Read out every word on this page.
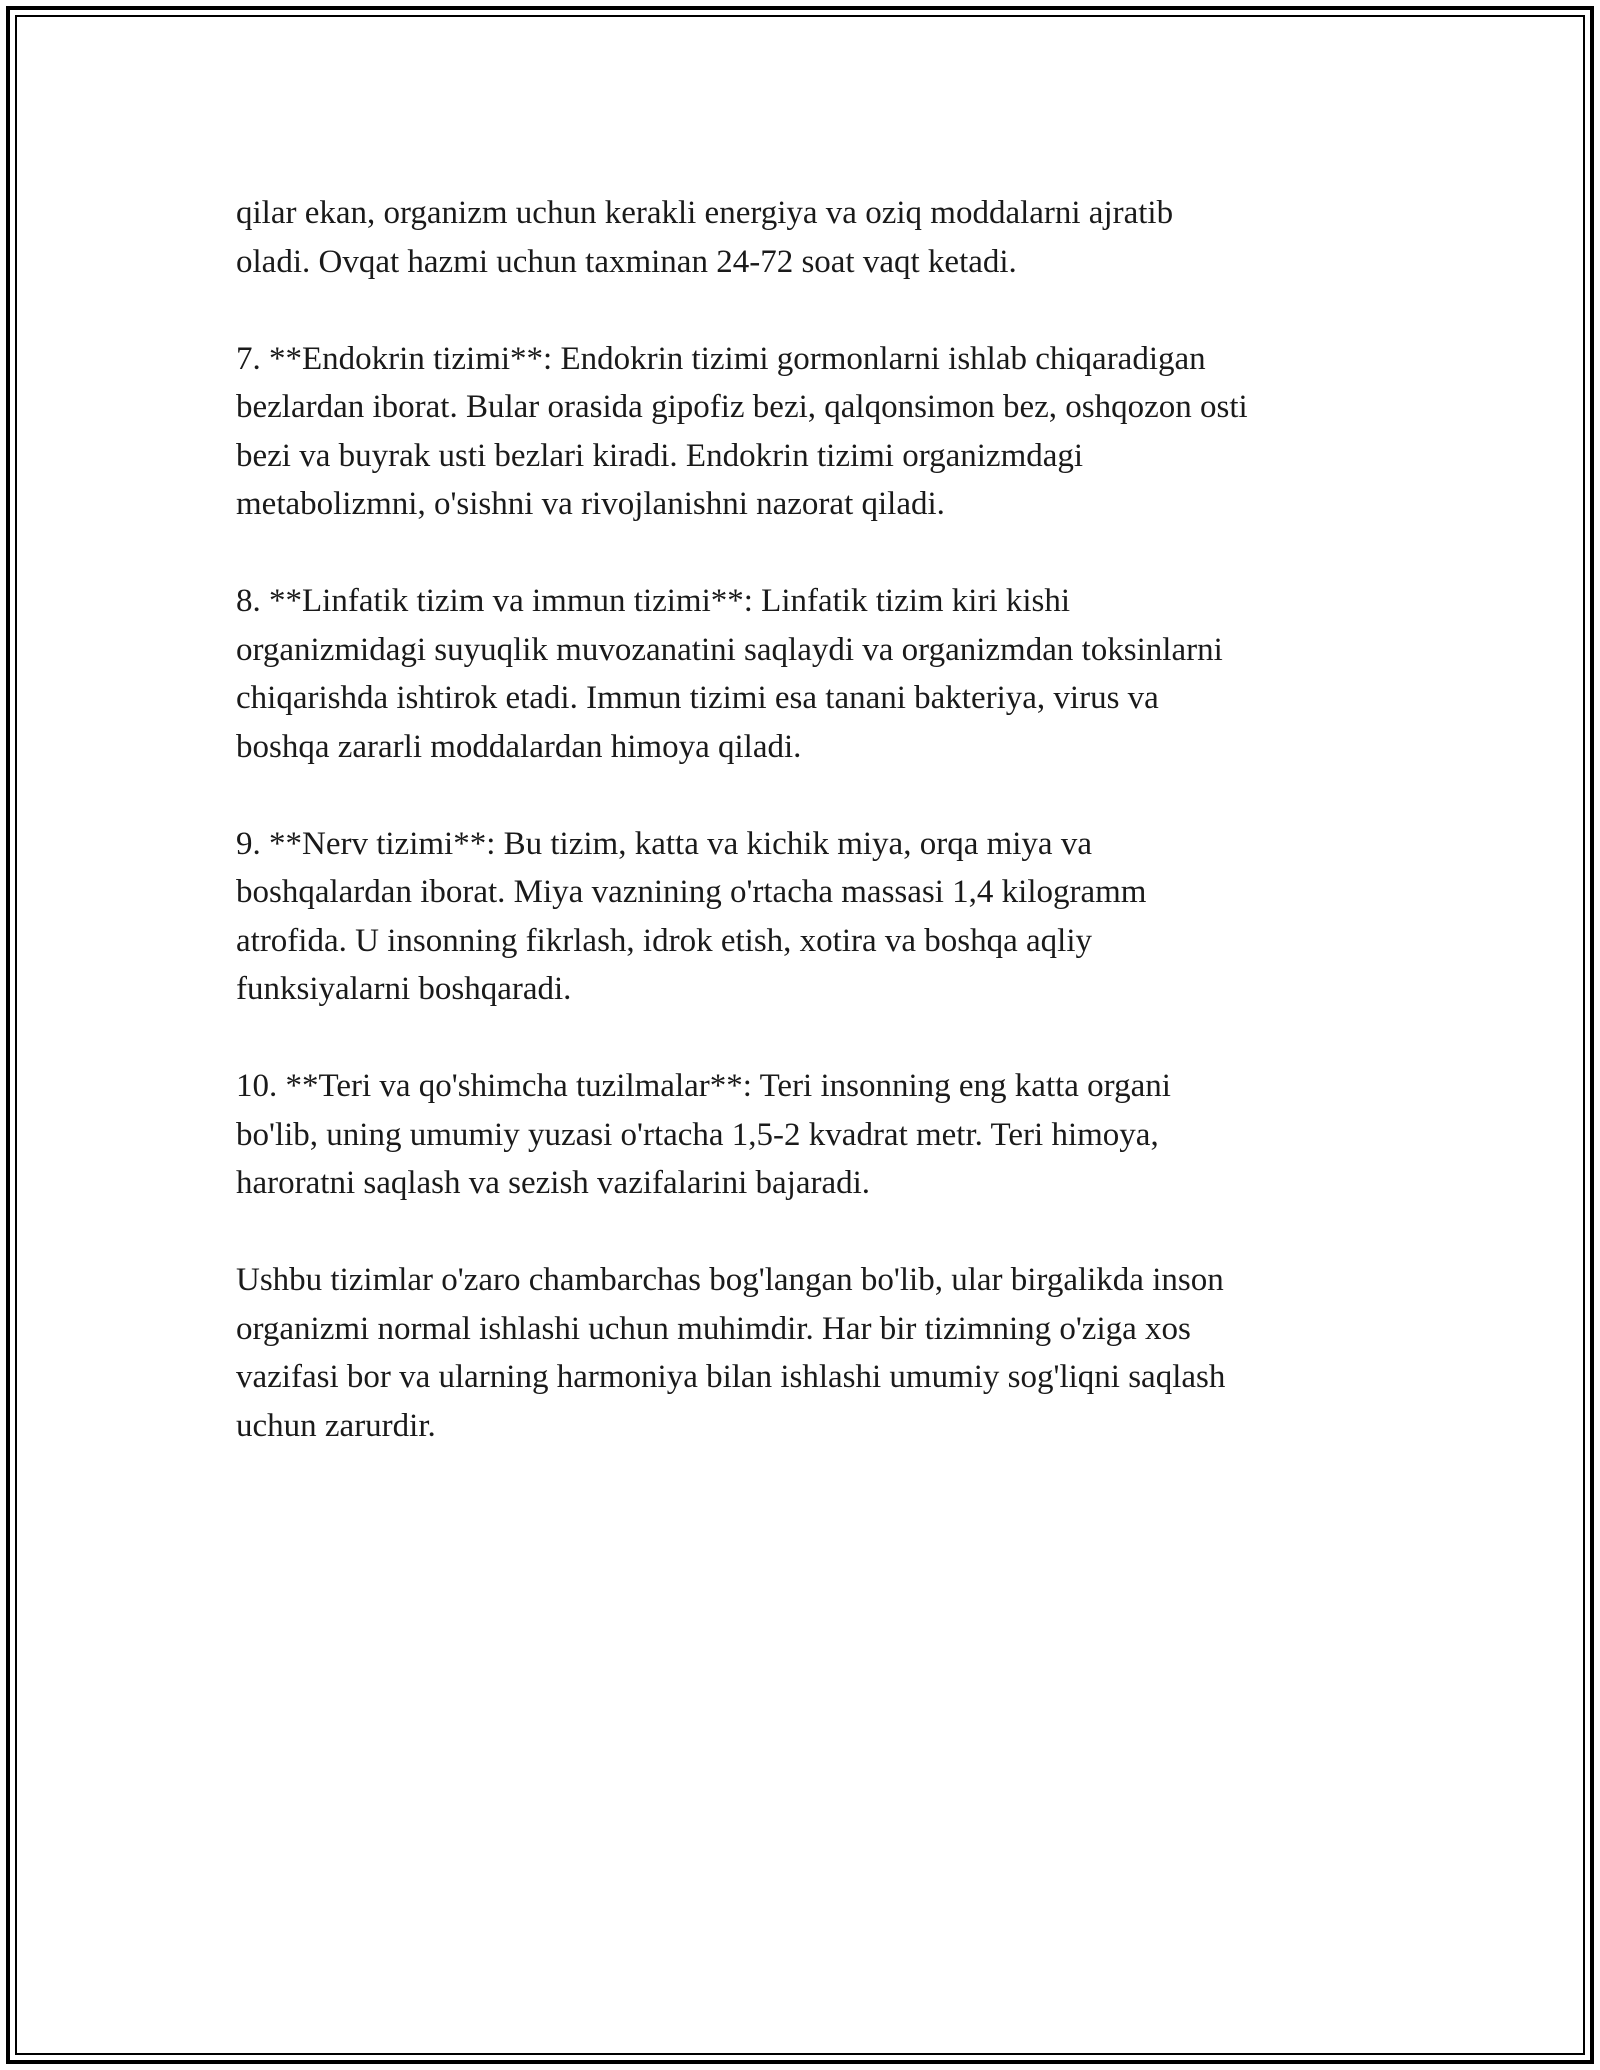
qilar ekan, organizm uchun kerakli energiya va oziq moddalarni ajratib
oladi. Ovqat hazmi uchun taxminan 24-72 soat vaqt ketadi.

7. **Endokrin tizimi**: Endokrin tizimi gormonlarni ishlab chiqaradigan
bezlardan iborat. Bular orasida gipofiz bezi, qalqonsimon bez, oshqozon osti
bezi va buyrak usti bezlari kiradi. Endokrin tizimi organizmdagi
metabolizmni, o'sishni va rivojlanishni nazorat qiladi.

8. **Linfatik tizim va immun tizimi**: Linfatik tizim kiri kishi
organizmidagi suyuqlik muvozanatini saqlaydi va organizmdan toksinlarni
chiqarishda ishtirok etadi. Immun tizimi esa tanani bakteriya, virus va
boshqa zararli moddalardan himoya qiladi.

9. **Nerv tizimi**: Bu tizim, katta va kichik miya, orqa miya va
boshqalardan iborat. Miya vaznining o'rtacha massasi 1,4 kilogramm
atrofida. U insonning fikrlash, idrok etish, xotira va boshqa aqliy
funksiyalarni boshqaradi.

10. **Teri va qo'shimcha tuzilmalar**: Teri insonning eng katta organi
bo'lib, uning umumiy yuzasi o'rtacha 1,5-2 kvadrat metr. Teri himoya,
haroratni saqlash va sezish vazifalarini bajaradi.

Ushbu tizimlar o'zaro chambarchas bog'langan bo'lib, ular birgalikda inson
organizmi normal ishlashi uchun muhimdir. Har bir tizimning o'ziga xos
vazifasi bor va ularning harmoniya bilan ishlashi umumiy sog'liqni saqlash
uchun zarurdir.
